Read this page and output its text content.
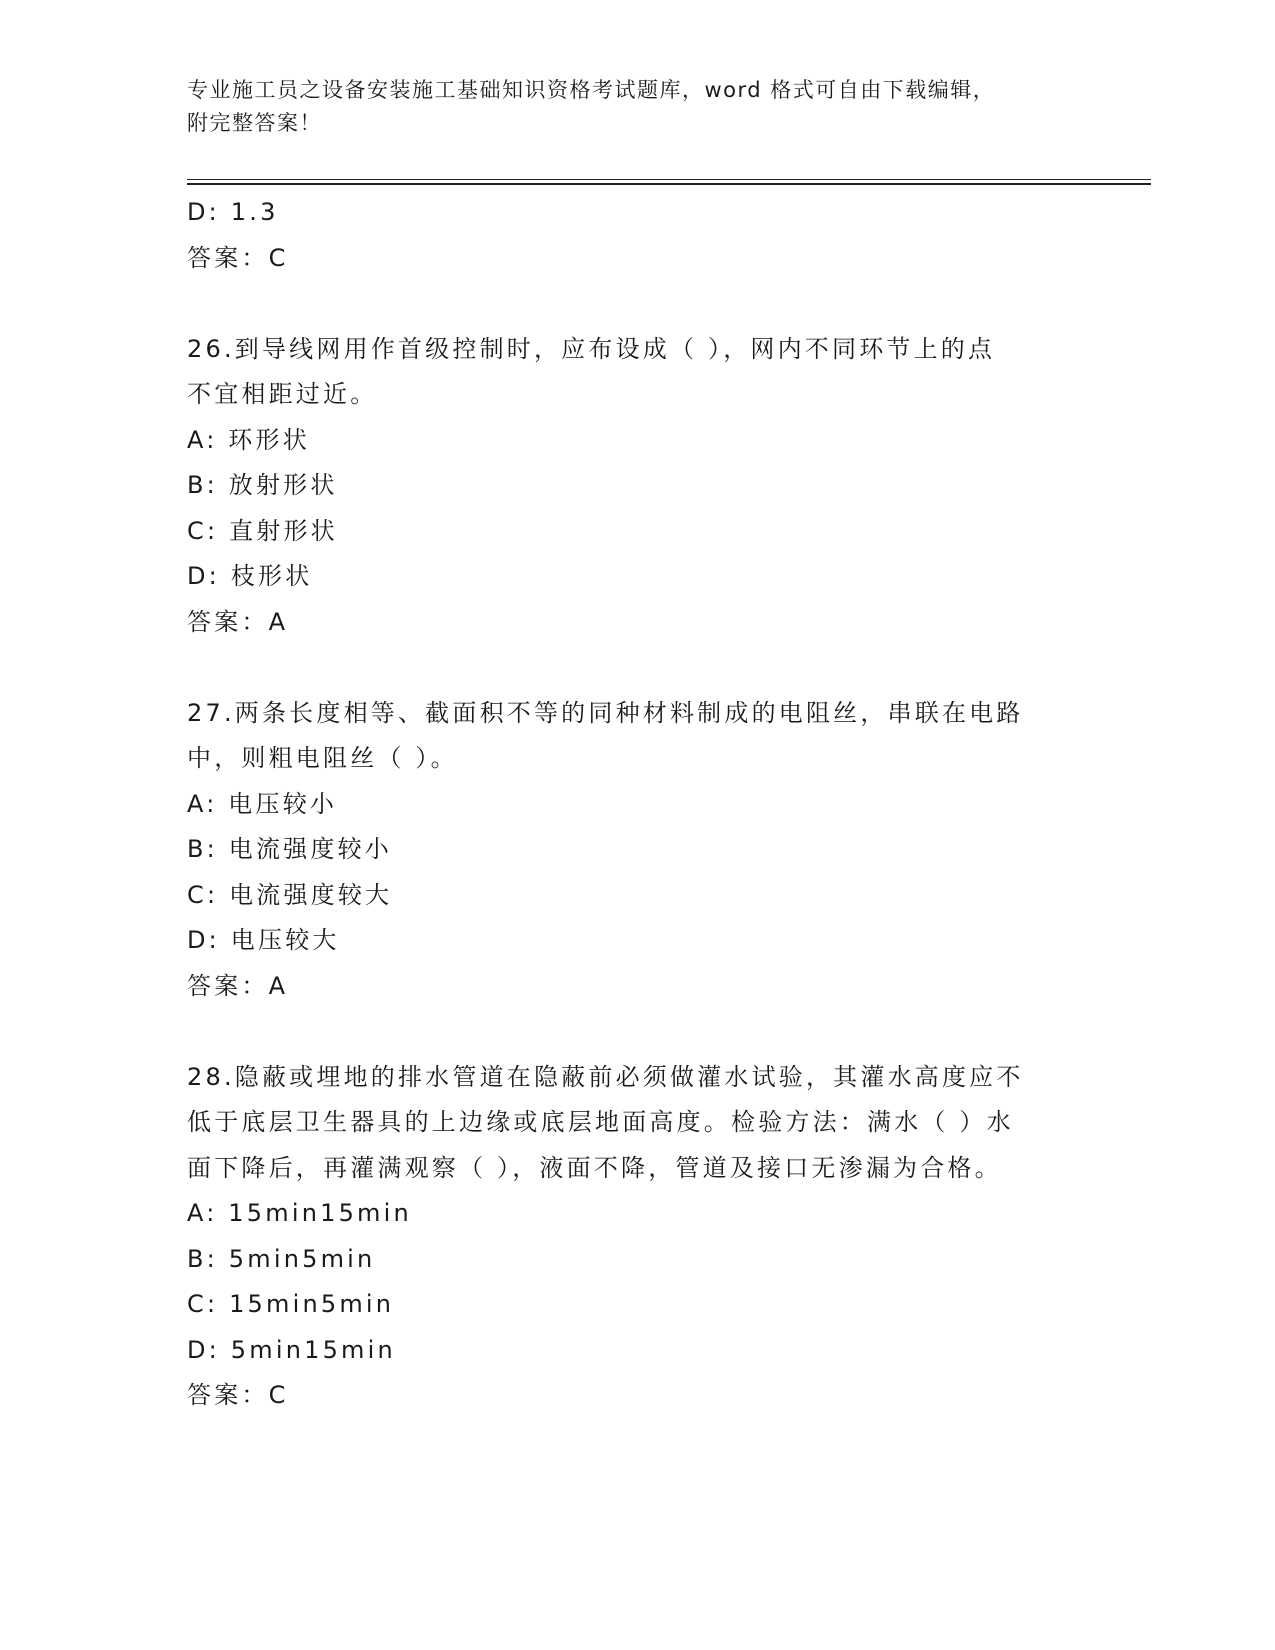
专业施工员之设备安装施工基础知识资格考试题库，word 格式可自由下载编辑，
附完整答案！
D: 1.3
答案：C
26.到导线网用作首级控制时，应布设成（ ），网内不同环节上的点
不宜相距过近。
A: 环形状
B: 放射形状
C: 直射形状
D: 枝形状
答案：A
27.两条长度相等、截面积不等的同种材料制成的电阻丝，串联在电路
中，则粗电阻丝（ ）。
A: 电压较小
B: 电流强度较小
C: 电流强度较大
D: 电压较大
答案：A
28.隐蔽或埋地的排水管道在隐蔽前必须做灌水试验，其灌水高度应不
低于底层卫生器具的上边缘或底层地面高度。检验方法：满水（ ）水
面下降后，再灌满观察（ ），液面不降，管道及接口无渗漏为合格。
A: 15min15min
B: 5min5min
C: 15min5min
D: 5min15min
答案：C
